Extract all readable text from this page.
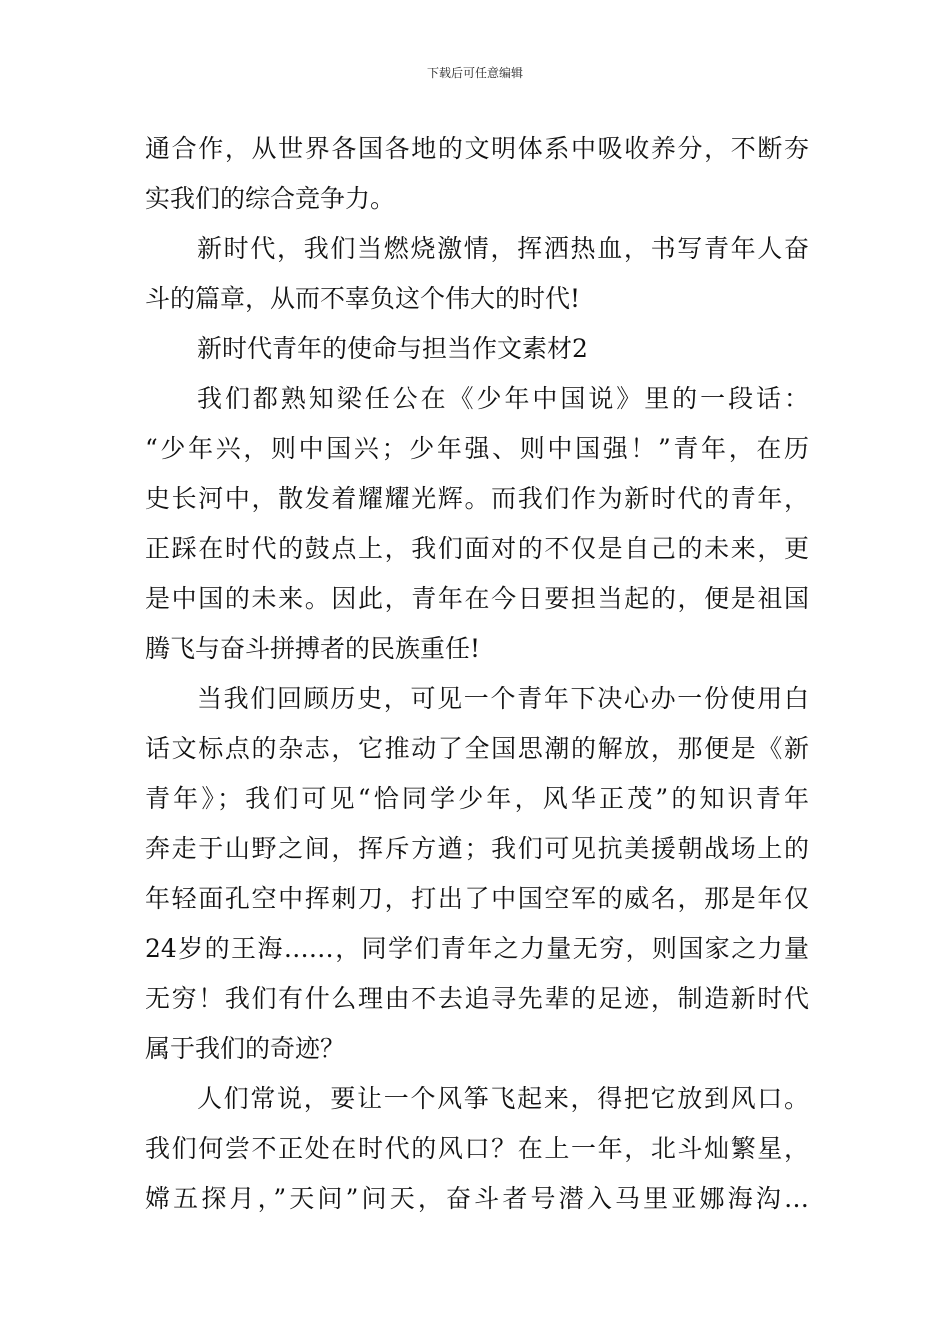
下载后可任意编辑
通合作，从世界各国各地的文明体系中吸收养分，不断夯
实我们的综合竞争力。
新时代，我们当燃烧激情，挥洒热血，书写青年人奋
斗的篇章，从而不辜负这个伟大的时代!
新时代青年的使命与担当作文素材2
我们都熟知梁任公在《少年中国说》里的一段话：
“少年兴，则中国兴；少年强、则中国强！”青年，在历
史长河中，散发着耀耀光辉。而我们作为新时代的青年，
正踩在时代的鼓点上，我们面对的不仅是自己的未来，更
是中国的未来。因此，青年在今日要担当起的，便是祖国
腾飞与奋斗拼搏者的民族重任!
当我们回顾历史，可见一个青年下决心办一份使用白
话文标点的杂志，它推动了全国思潮的解放，那便是《新
青年》；我们可见“恰同学少年，风华正茂”的知识青年
奔走于山野之间，挥斥方遒；我们可见抗美援朝战场上的
年轻面孔空中挥刺刀，打出了中国空军的威名，那是年仅
24岁的王海……，同学们青年之力量无穷，则国家之力量
无穷！我们有什么理由不去追寻先辈的足迹，制造新时代
属于我们的奇迹？
人们常说，要让一个风筝飞起来，得把它放到风口。
我们何尝不正处在时代的风口？在上一年，北斗灿繁星，
嫦五探月，”天问”问天，奋斗者号潜入马里亚娜海沟…
